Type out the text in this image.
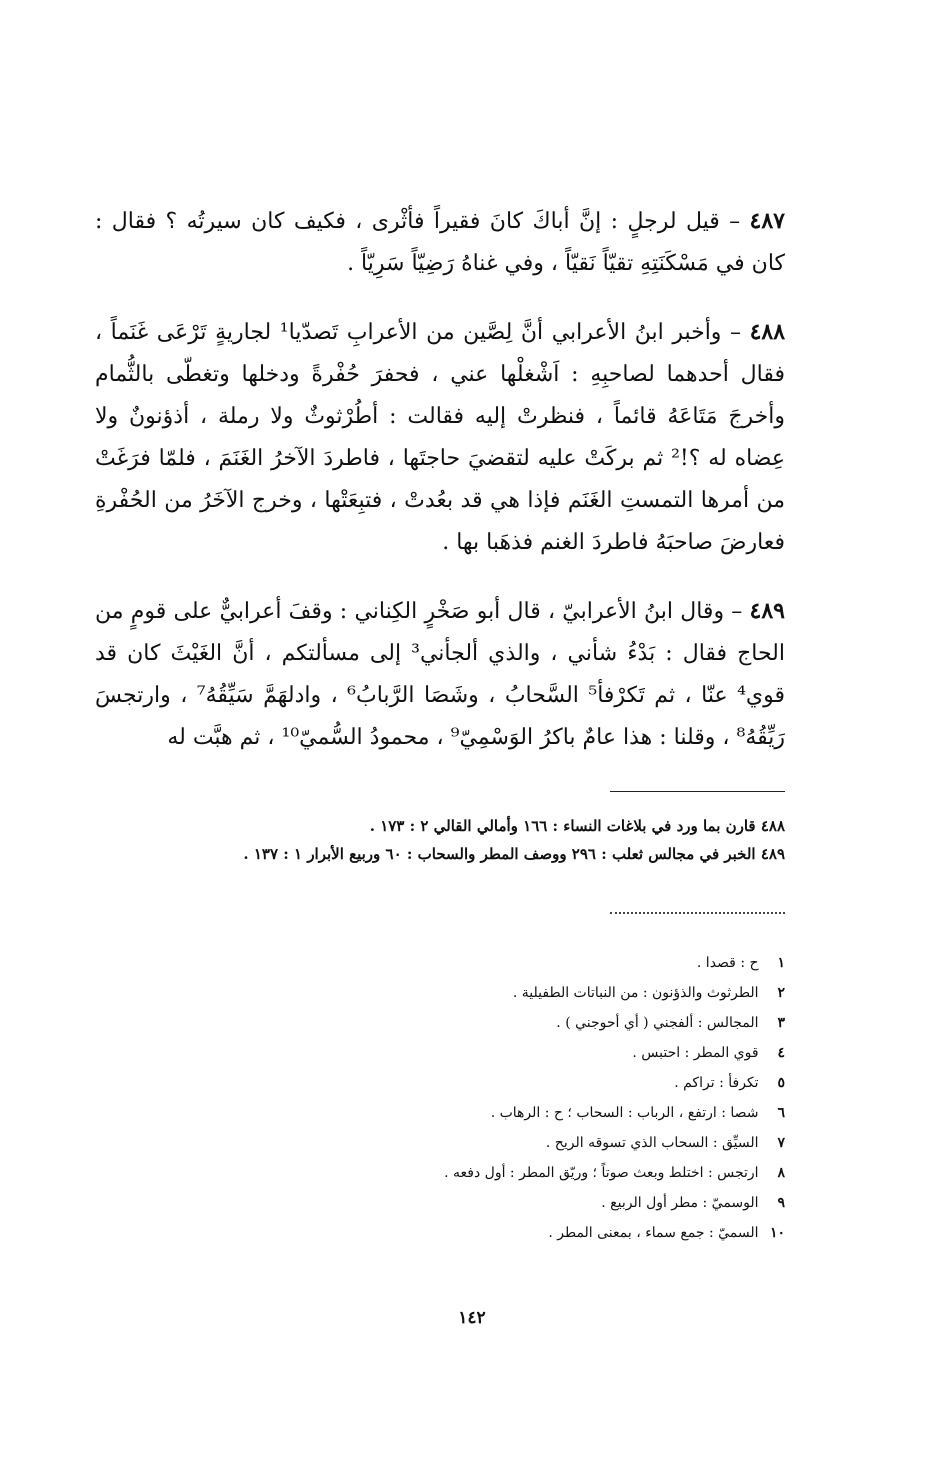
٤٨٧ – قيل لرجلٍ : إنَّ أباكَ كانَ فقيراً فأثْرى ، فكيف كان سيرتُه ؟ فقال : كان في مَسْكَنَتِهِ تقيّاً نَقيّاً ، وفي غناهُ رَضِيّاً سَرِيّاً .

٤٨٨ – وأخبر ابنُ الأعرابي أنَّ لِصَّين من الأعرابِ تَصدّيا¹ لجاريةٍ تَرْعَى غَنَماً ، فقال أحدهما لصاحبِهِ : اَشْغلْها عني ، فحفرَ حُفْرةً ودخلها وتغطّى بالثُّمام وأخرجَ مَتَاعَهُ قائماً ، فنظرتْ إليه فقالت : أطُرْثوثٌ ولا رملة ، أذؤنونٌ ولا عِضاه له ؟!² ثم بركَتْ عليه لتقضيَ حاجتَها ، فاطردَ الآخرُ الغَنَمَ ، فلمّا فرَغَتْ من أمرها التمستِ الغَنَم فإذا هي قد بعُدتْ ، فتبِعَتْها ، وخرج الآخَرُ من الحُفْرةِ فعارضَ صاحبَهُ فاطردَ الغنم فذهَبا بها .

٤٨٩ – وقال ابنُ الأعرابيّ ، قال أبو صَخْرٍ الكِناني : وقفَ أعرابيٌّ على قومٍ من الحاج فقال : بَدْءُ شأني ، والذي ألجأني³ إلى مسألتكم ، أنَّ الغَيْثَ كان قد قوي⁴ عنّا ، ثم تَكرْفأ⁵ السَّحابُ ، وشَصَا الرَّبابُ⁶ ، وادلهَمَّ سَيِّقُهُ⁷ ، وارتجسَ رَيِّقُهُ⁸ ، وقلنا : هذا عامٌ باكرُ الوَسْمِيّ⁹ ، محمودُ السُّميّ¹⁰ ، ثم هبَّت له

٤٨٨ قارن بما ورد في بلاغات النساء : ١٦٦ وأمالي القالي ٢ : ١٧٣ .
٤٨٩ الخبر في مجالس ثعلب : ٢٩٦ ووصف المطر والسحاب : ٦٠ وربيع الأبرار ١ : ١٣٧ .
١ ح : قصدا .
٢ الطرثوث والذؤنون : من النباتات الطفيلية .
٣ المجالس : ألفجني ( أي أحوجني ) .
٤ قوي المطر : احتبس .
٥ تكرفأ : تراكم .
٦ شصا : ارتفع ، الرباب : السحاب ؛ ح : الرهاب .
٧ السيِّق : السحاب الذي تسوقه الريح .
٨ ارتجس : اختلط وبعث صوتاً ؛ وريّق المطر : أول دفعه .
٩ الوسميّ : مطر أول الربيع .
١٠ السميّ : جمع سماء ، بمعنى المطر .
١٤٢
